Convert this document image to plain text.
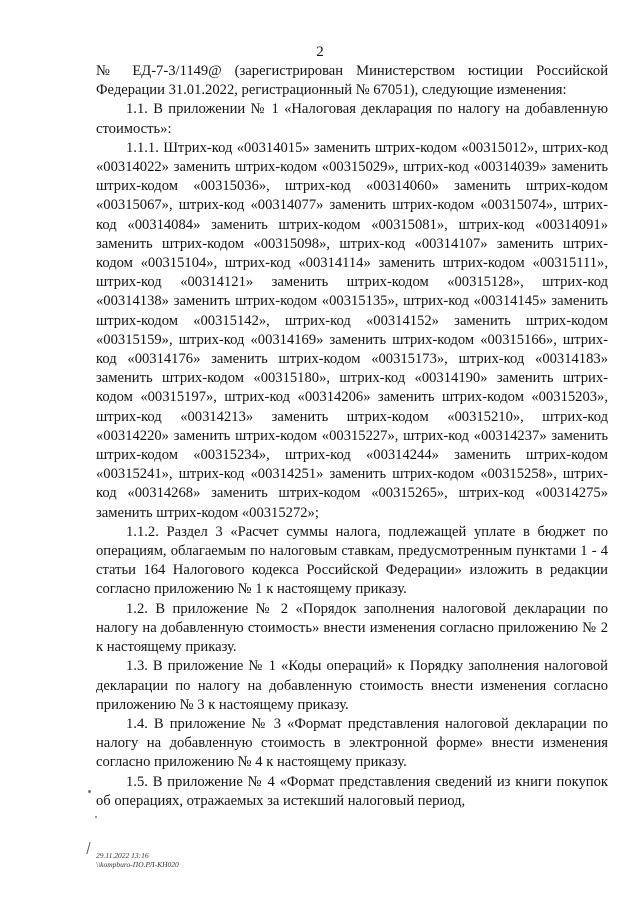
2

№ ЕД-7-3/1149@ (зарегистрирован Министерством юстиции Российской Федерации 31.01.2022, регистрационный № 67051), следующие изменения:

1.1. В приложении № 1 «Налоговая декларация по налогу на добавленную стоимость»:

1.1.1. Штрих-код «00314015» заменить штрих-кодом «00315012», штрих-код «00314022» заменить штрих-кодом «00315029», штрих-код «00314039» заменить штрих-кодом «00315036», штрих-код «00314060» заменить штрих-кодом «00315067», штрих-код «00314077» заменить штрих-кодом «00315074», штрих-код «00314084» заменить штрих-кодом «00315081», штрих-код «00314091» заменить штрих-кодом «00315098», штрих-код «00314107» заменить штрих-кодом «00315104», штрих-код «00314114» заменить штрих-кодом «00315111», штрих-код «00314121» заменить штрих-кодом «00315128», штрих-код «00314138» заменить штрих-кодом «00315135», штрих-код «00314145» заменить штрих-кодом «00315142», штрих-код «00314152» заменить штрих-кодом «00315159», штрих-код «00314169» заменить штрих-кодом «00315166», штрих-код «00314176» заменить штрих-кодом «00315173», штрих-код «00314183» заменить штрих-кодом «00315180», штрих-код «00314190» заменить штрих-кодом «00315197», штрих-код «00314206» заменить штрих-кодом «00315203», штрих-код «00314213» заменить штрих-кодом «00315210», штрих-код «00314220» заменить штрих-кодом «00315227», штрих-код «00314237» заменить штрих-кодом «00315234», штрих-код «00314244» заменить штрих-кодом «00315241», штрих-код «00314251» заменить штрих-кодом «00315258», штрих-код «00314268» заменить штрих-кодом «00315265», штрих-код «00314275» заменить штрих-кодом «00315272»;

1.1.2. Раздел 3 «Расчет суммы налога, подлежащей уплате в бюджет по операциям, облагаемым по налоговым ставкам, предусмотренным пунктами 1 - 4 статьи 164 Налогового кодекса Российской Федерации» изложить в редакции согласно приложению № 1 к настоящему приказу.

1.2. В приложение № 2 «Порядок заполнения налоговой декларации по налогу на добавленную стоимость» внести изменения согласно приложению № 2 к настоящему приказу.

1.3. В приложение № 1 «Коды операций» к Порядку заполнения налоговой декларации по налогу на добавленную стоимость внести изменения согласно приложению № 3 к настоящему приказу.

1.4. В приложение № 3 «Формат представления налоговой декларации по налогу на добавленную стоимость в электронной форме» внести изменения согласно приложению № 4 к настоящему приказу.

1.5. В приложение № 4 «Формат представления сведений из книги покупок об операциях, отражаемых за истекший налоговый период,

29.11.2022 13:16
\\kompburo-ПО.РЛ-KH020
